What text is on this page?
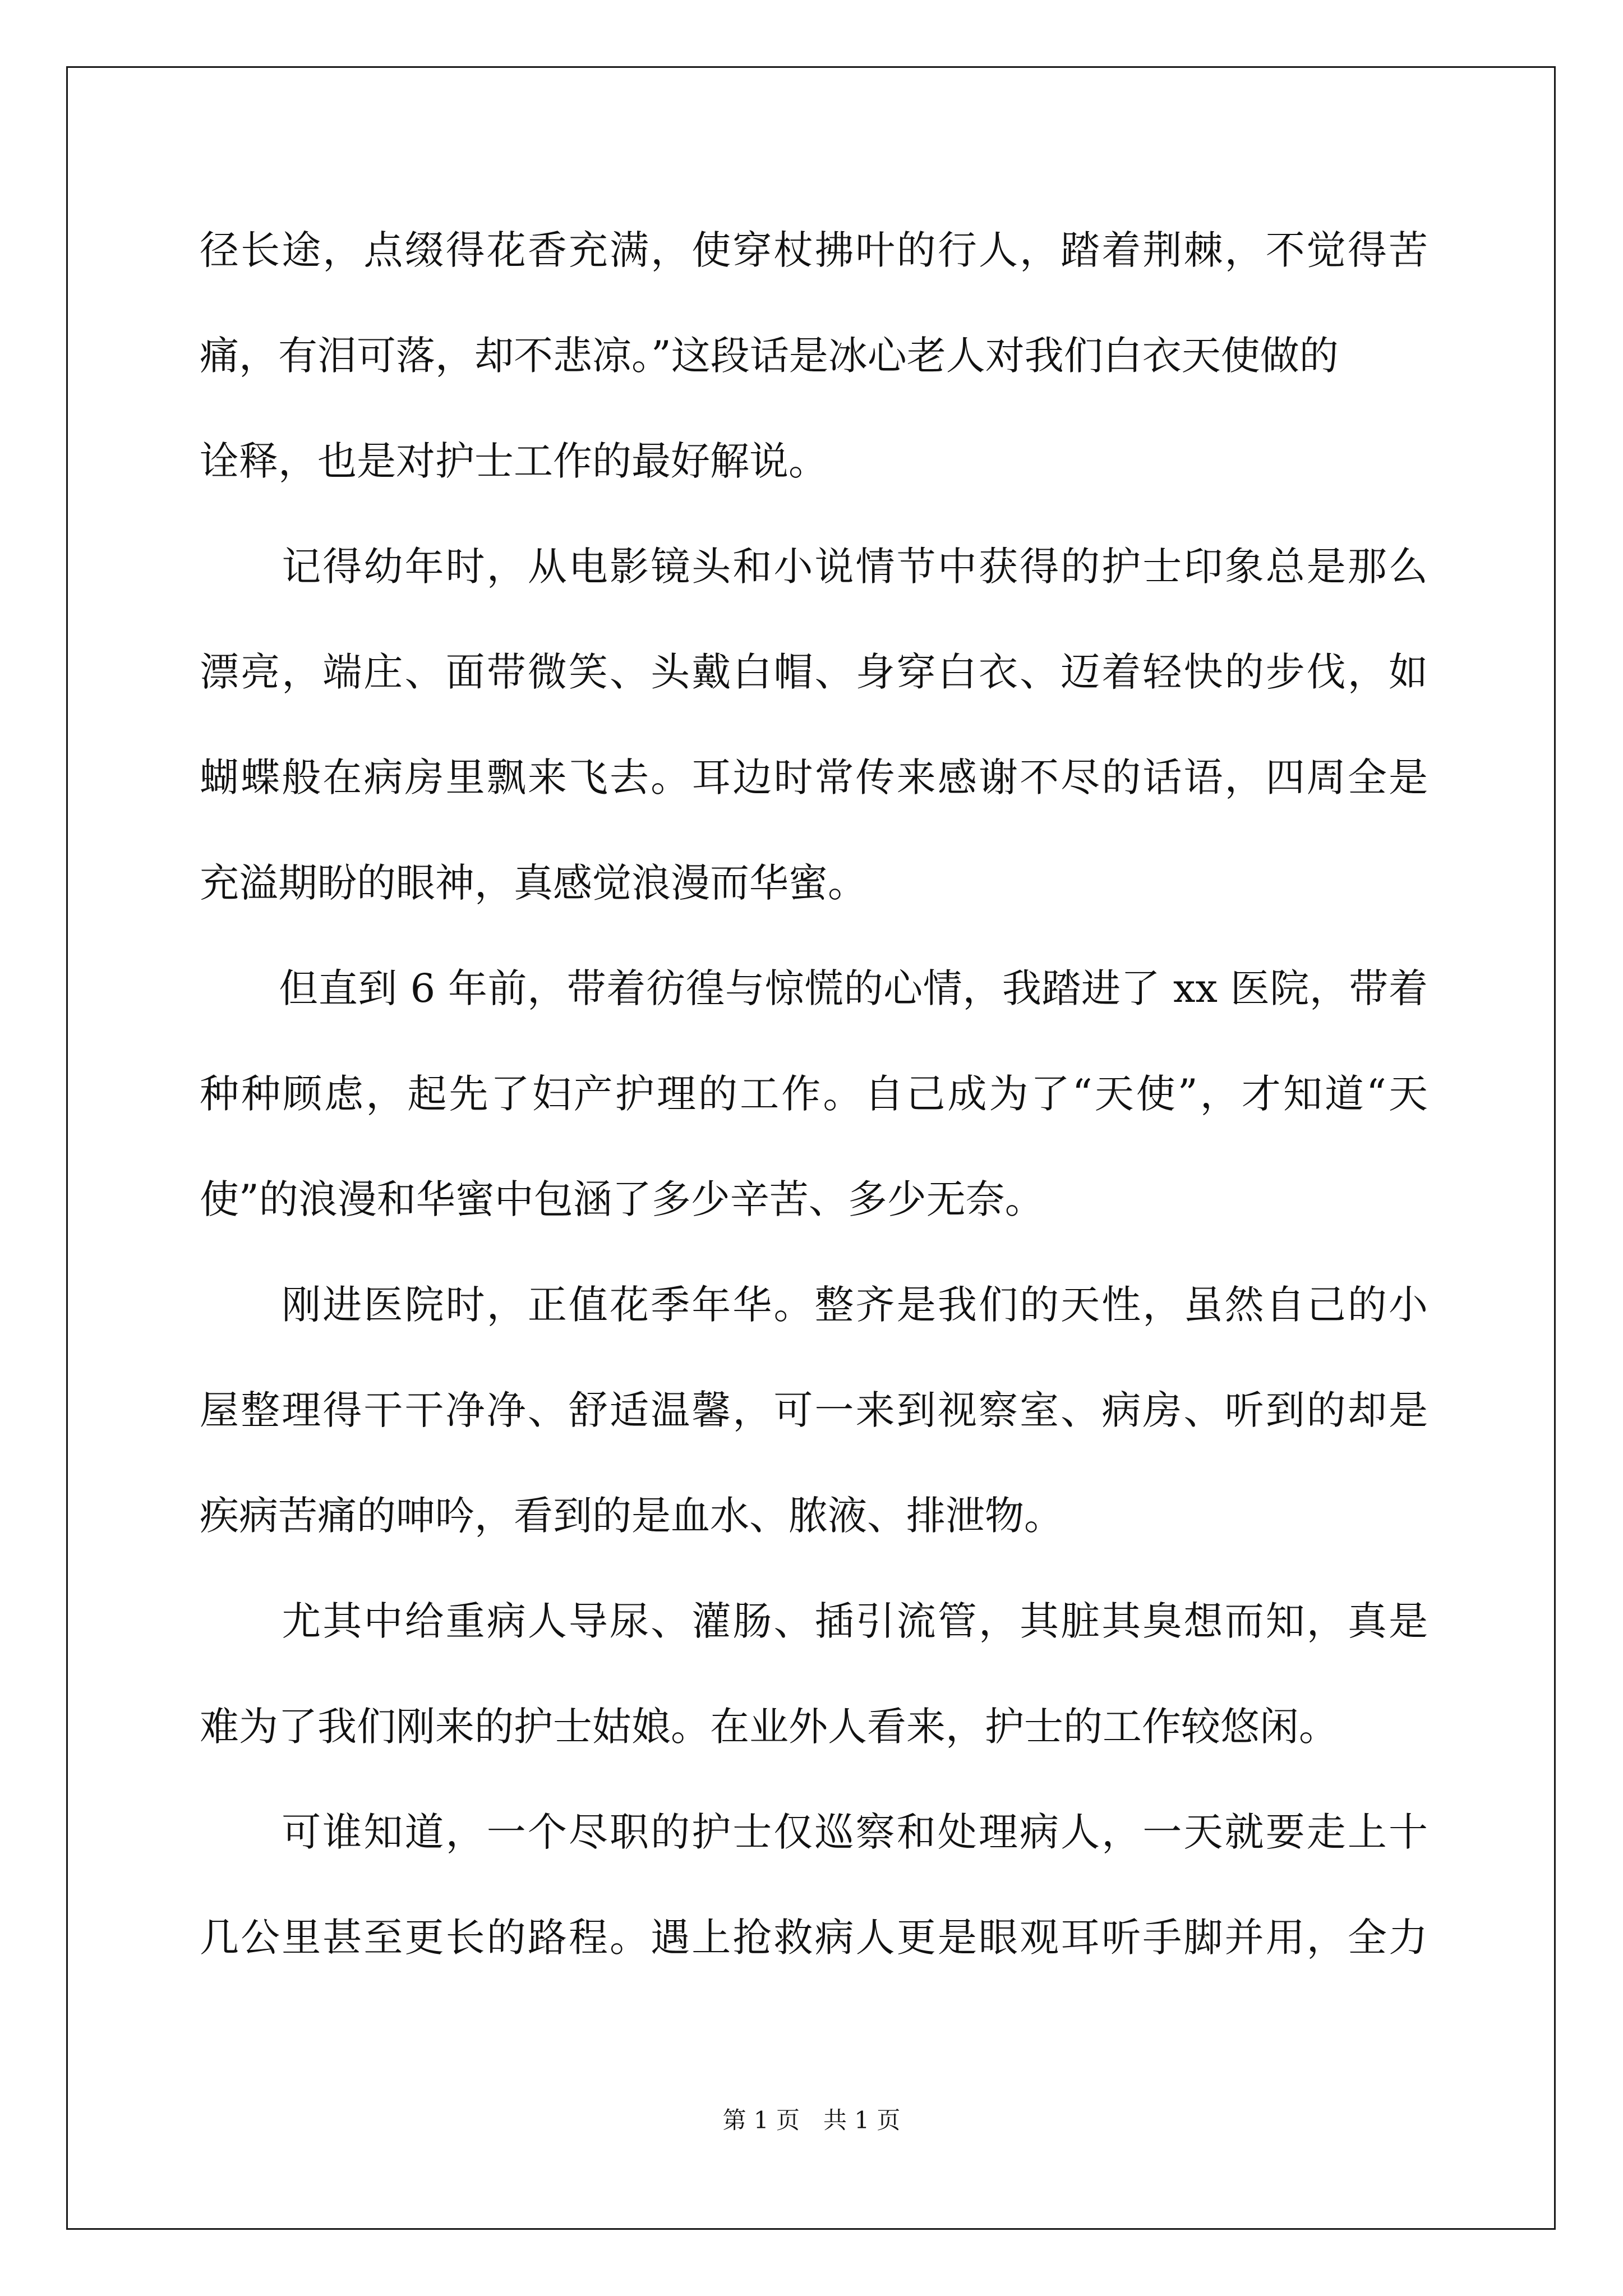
径长途，点缀得花香充满，使穿杖拂叶的行人，踏着荆棘，不觉得苦

痛，有泪可落，却不悲凉。”这段话是冰心老人对我们白衣天使做的

诠释，也是对护士工作的最好解说。

　　记得幼年时，从电影镜头和小说情节中获得的护士印象总是那么

漂亮，端庄、面带微笑、头戴白帽、身穿白衣、迈着轻快的步伐，如

蝴蝶般在病房里飘来飞去。耳边时常传来感谢不尽的话语，四周全是

充溢期盼的眼神，真感觉浪漫而华蜜。

　　但直到 6 年前，带着彷徨与惊慌的心情，我踏进了 xx 医院，带着

种种顾虑，起先了妇产护理的工作。自己成为了“天使”，才知道“天

使”的浪漫和华蜜中包涵了多少辛苦、多少无奈。

　　刚进医院时，正值花季年华。整齐是我们的天性，虽然自己的小

屋整理得干干净净、舒适温馨，可一来到视察室、病房、听到的却是

疾病苦痛的呻吟，看到的是血水、脓液、排泄物。

　　尤其中给重病人导尿、灌肠、插引流管，其脏其臭想而知，真是

难为了我们刚来的护士姑娘。在业外人看来，护士的工作较悠闲。

　　可谁知道，一个尽职的护士仅巡察和处理病人，一天就要走上十

几公里甚至更长的路程。遇上抢救病人更是眼观耳听手脚并用，全力

第 1 页　共 1 页
